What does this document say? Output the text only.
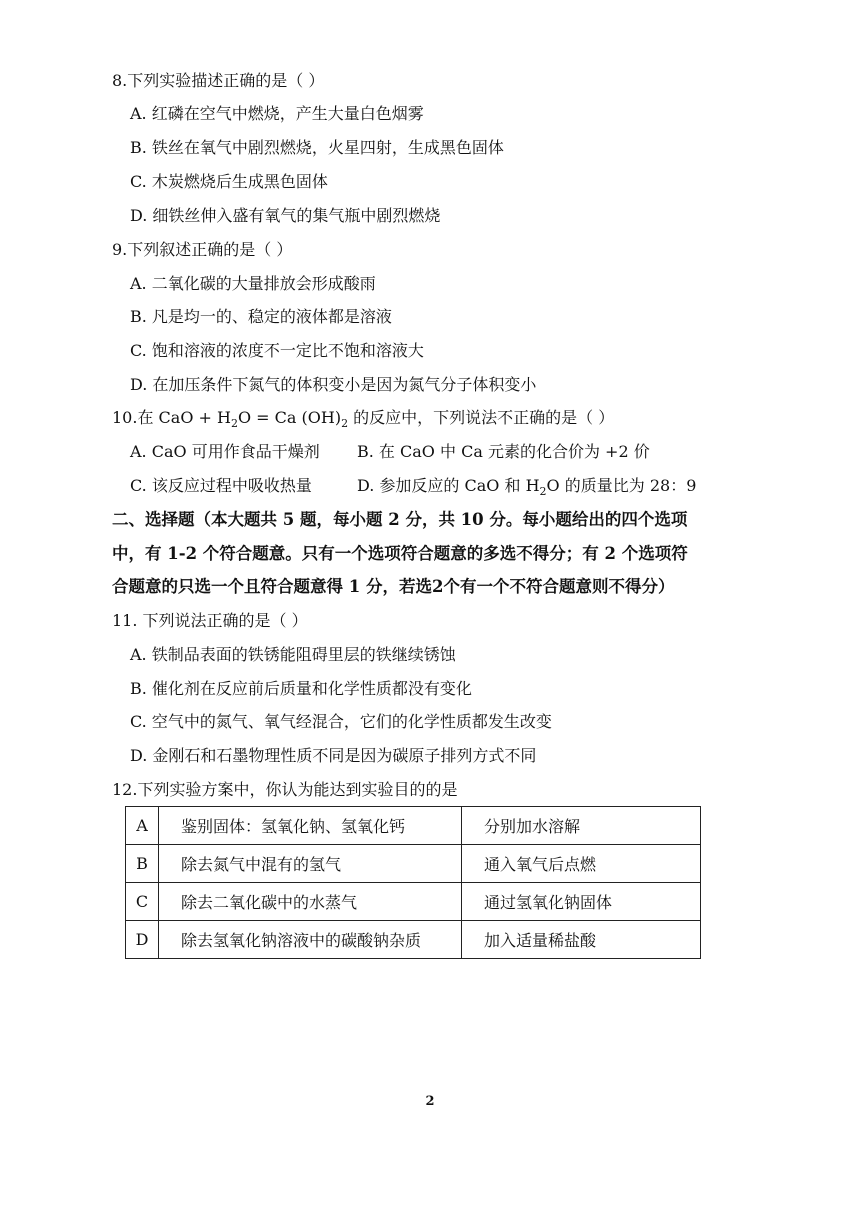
8.下列实验描述正确的是（ ）
A. 红磷在空气中燃烧，产生大量白色烟雾
B. 铁丝在氧气中剧烈燃烧，火星四射，生成黑色固体
C. 木炭燃烧后生成黑色固体
D. 细铁丝伸入盛有氧气的集气瓶中剧烈燃烧
9.下列叙述正确的是（ ）
A. 二氧化碳的大量排放会形成酸雨
B. 凡是均一的、稳定的液体都是溶液
C. 饱和溶液的浓度不一定比不饱和溶液大
D. 在加压条件下氮气的体积变小是因为氮气分子体积变小
10.在 CaO + $H_2O = Ca$ $(OH)_2$ 的反应中，下列说法不正确的是（ ）
A. CaO 可用作食品干燥剂 B. 在 CaO 中 Ca 元素的化合价为 +2 价
C. 该反应过程中吸收热量	D. 参加反应的 CaO 和 $H_2O$ 的质量比为 28：9
二、选择题（本大题共 5 题，每小题 2 分，共 10 分。每小题给出的四个选项
中，有 1-2 个符合题意。只有一个选项符合题意的多选不得分；有 2 个选项符
合题意的只选一个且符合题意得 1 分，若选2个有一个不符合题意则不得分）
11. 下列说法正确的是（ ）
A. 铁制品表面的铁锈能阻碍里层的铁继续锈蚀
B. 催化剂在反应前后质量和化学性质都没有变化
C. 空气中的氮气、氧气经混合，它们的化学性质都发生改变
D. 金刚石和石墨物理性质不同是因为碳原子排列方式不同
12.下列实验方案中，你认为能达到实验目的的是
A	鉴别固体：氢氧化钠、氢氧化钙	分别加水溶解
B	除去氮气中混有的氢气	通入氧气后点燃
C	除去二氧化碳中的水蒸气	通过氢氧化钠固体
D	除去氢氧化钠溶液中的碳酸钠杂质	加入适量稀盐酸
2
